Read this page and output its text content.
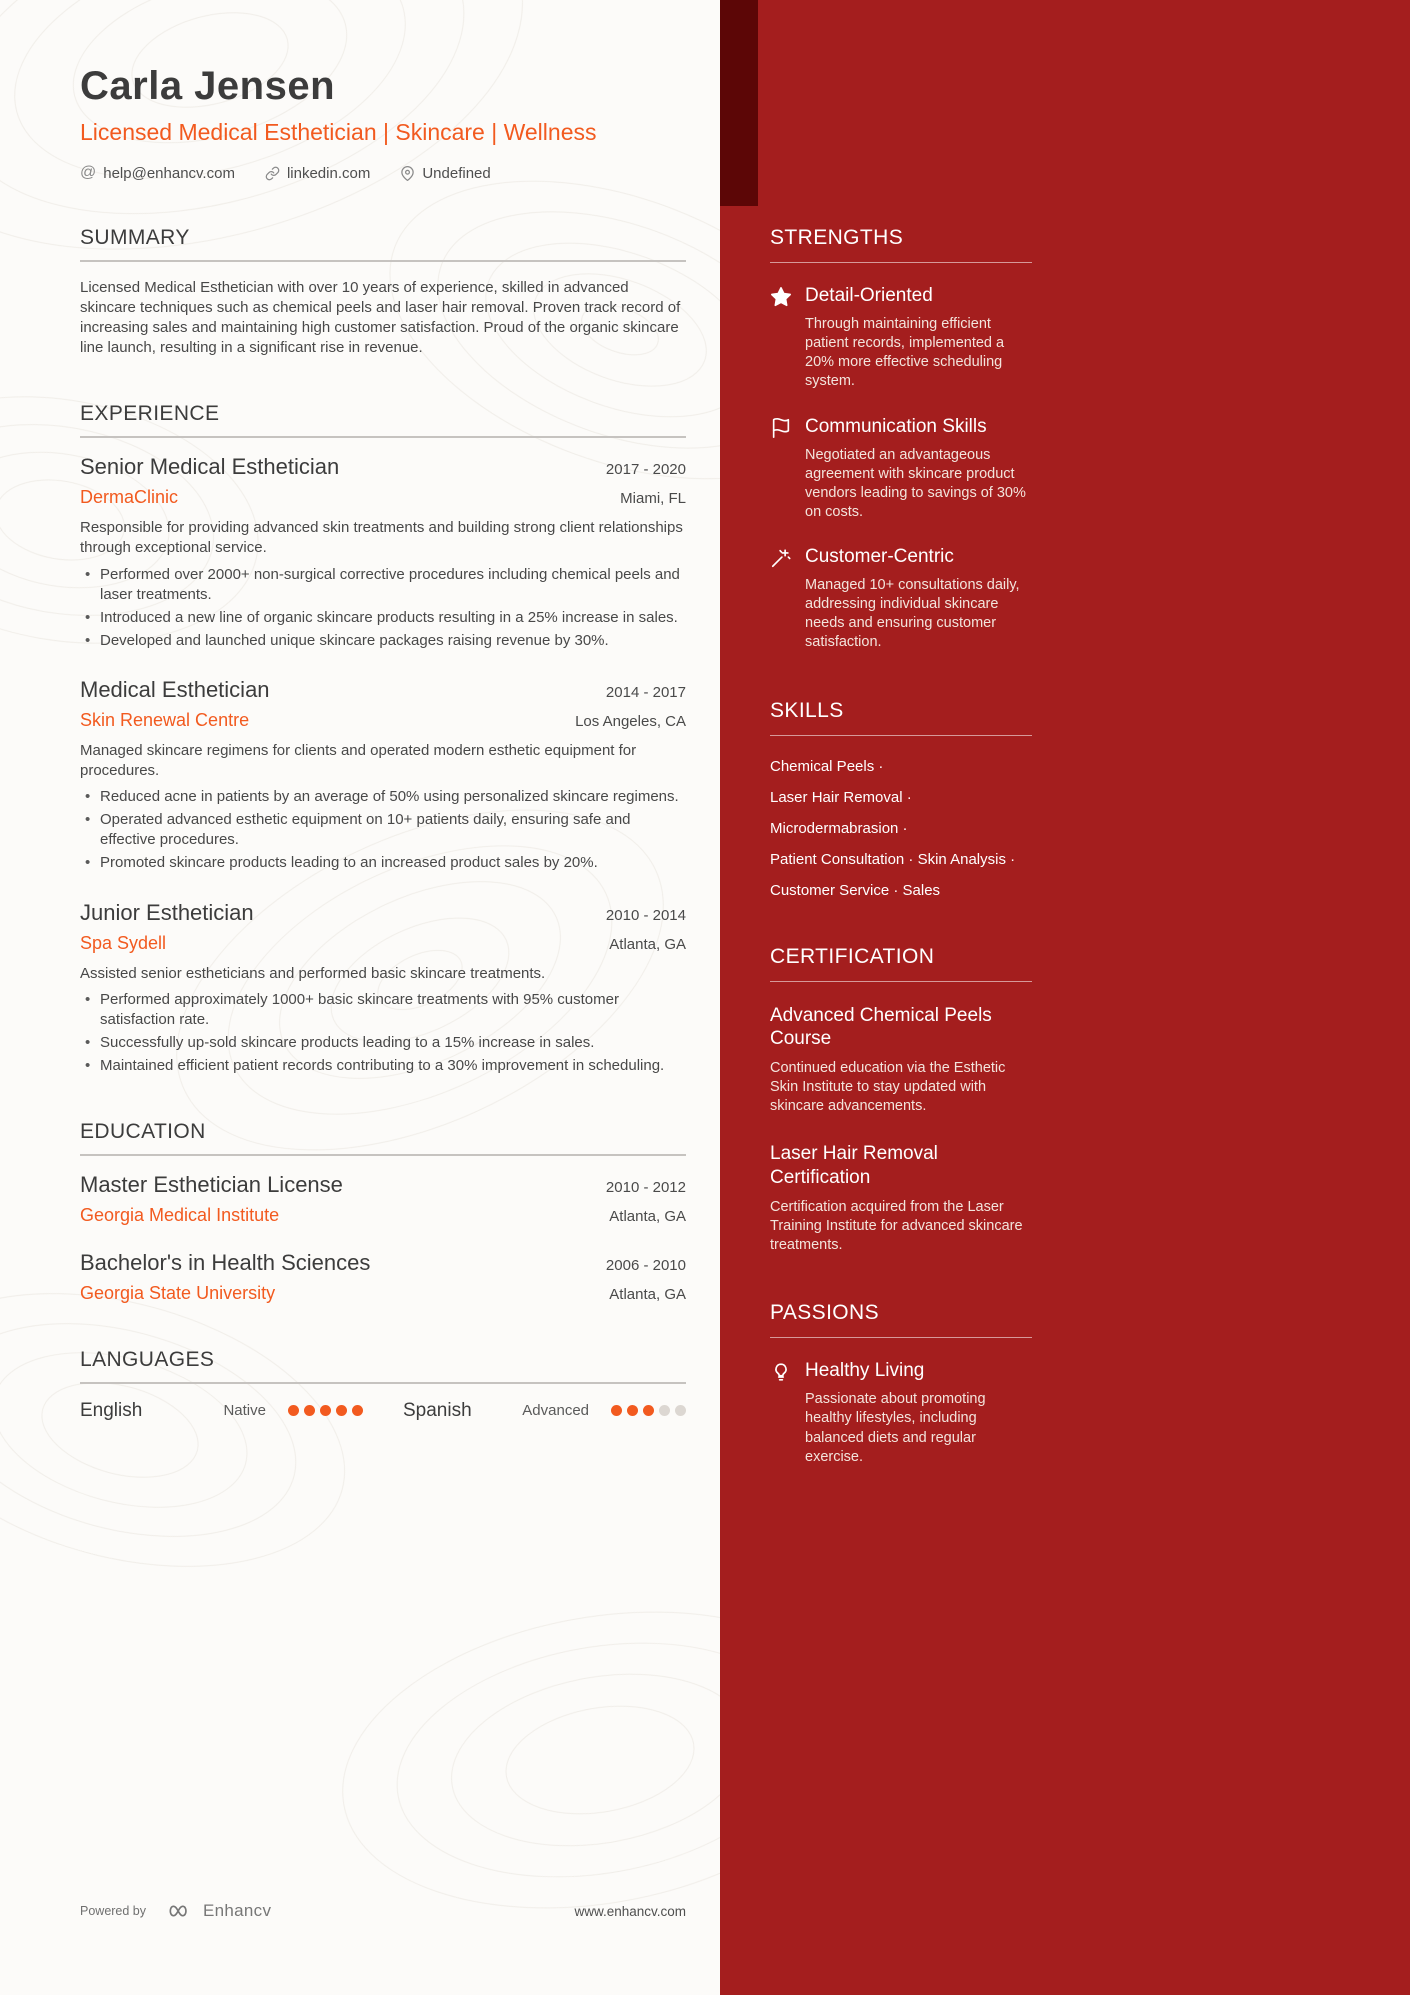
Carla Jensen
Licensed Medical Esthetician | Skincare | Wellness
@ help@enhancv.com	linkedin.com	Undefined
SUMMARY

Licensed Medical Esthetician with over 10 years of experience, skilled in advanced skincare techniques such as chemical peels and laser hair removal. Proven track record of increasing sales and maintaining high customer satisfaction. Proud of the organic skincare line launch, resulting in a significant rise in revenue.

EXPERIENCE
Senior Medical Esthetician	2017 - 2020
DermaClinic	Miami, FL
Responsible for providing advanced skin treatments and building strong client relationships through exceptional service.
• Performed over 2000+ non-surgical corrective procedures including chemical peels and laser treatments.
• Introduced a new line of organic skincare products resulting in a 25% increase in sales.
• Developed and launched unique skincare packages raising revenue by 30%.
Medical Esthetician	2014 - 2017
Skin Renewal Centre	Los Angeles, CA
Managed skincare regimens for clients and operated modern esthetic equipment for procedures.
• Reduced acne in patients by an average of 50% using personalized skincare regimens.
• Operated advanced esthetic equipment on 10+ patients daily, ensuring safe and effective procedures.
• Promoted skincare products leading to an increased product sales by 20%.
Junior Esthetician	2010 - 2014
Spa Sydell	Atlanta, GA
Assisted senior estheticians and performed basic skincare treatments.
• Performed approximately 1000+ basic skincare treatments with 95% customer satisfaction rate.
• Successfully up-sold skincare products leading to a 15% increase in sales.
• Maintained efficient patient records contributing to a 30% improvement in scheduling.
EDUCATION
Master Esthetician License	2010 - 2012
Georgia Medical Institute	Atlanta, GA
Bachelor's in Health Sciences	2006 - 2010
Georgia State University	Atlanta, GA
LANGUAGES
English	Native	Spanish	Advanced
Powered by	Enhancv	www.enhancv.com
STRENGTHS
Detail-Oriented
Through maintaining efficient patient records, implemented a 20% more effective scheduling system.
Communication Skills
Negotiated an advantageous agreement with skincare product vendors leading to savings of 30% on costs.
Customer-Centric
Managed 10+ consultations daily, addressing individual skincare needs and ensuring customer satisfaction.
SKILLS
Chemical Peels ·
Laser Hair Removal ·
Microdermabrasion ·
Patient Consultation · Skin Analysis ·
Customer Service · Sales
CERTIFICATION
Advanced Chemical Peels Course
Continued education via the Esthetic Skin Institute to stay updated with skincare advancements.
Laser Hair Removal Certification
Certification acquired from the Laser Training Institute for advanced skincare treatments.
PASSIONS
Healthy Living
Passionate about promoting healthy lifestyles, including balanced diets and regular exercise.
